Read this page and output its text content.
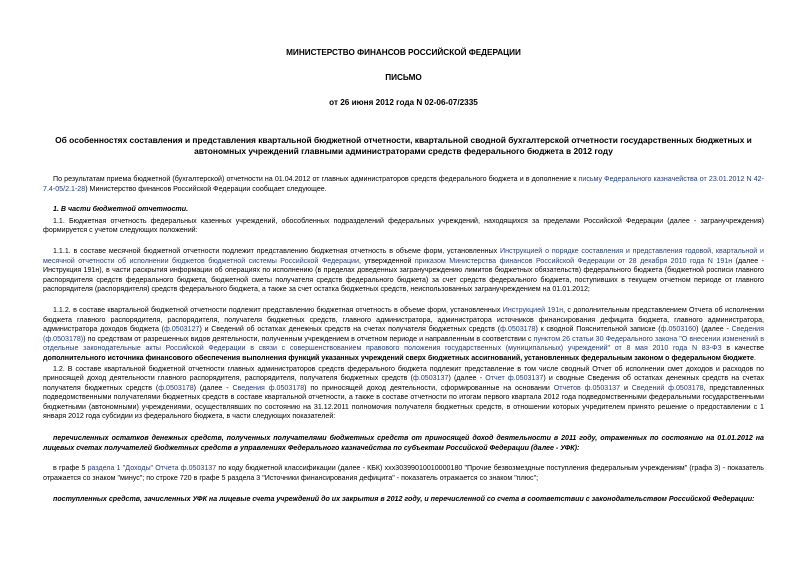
МИНИСТЕРСТВО ФИНАНСОВ РОССИЙСКОЙ ФЕДЕРАЦИИ
ПИСЬМО
от 26 июня 2012 года N 02-06-07/2335
Об особенностях составления и представления квартальной бюджетной отчетности, квартальной сводной бухгалтерской отчетности государственных бюджетных и автономных учреждений главными администраторами средств федерального бюджета в 2012 году

По результатам приема бюджетной (бухгалтерской) отчетности на 01.04.2012 от главных администраторов средств федерального бюджета и в дополнение к письму Федерального казначейства от 23.01.2012 N 42-7.4-05/2.1-28) Министерство финансов Российской Федерации сообщает следующее.

1. В части бюджетной отчетности.

1.1. Бюджетная отчетность федеральных казенных учреждений, обособленных подразделений федеральных учреждений, находящихся за пределами Российской Федерации (далее - загранучреждения) формируется с учетом следующих положений:

1.1.1. в составе месячной бюджетной отчетности подлежит представлению бюджетная отчетность в объеме форм, установленных Инструкцией о порядке составления и представления годовой, квартальной и месячной отчетности об исполнении бюджетов бюджетной системы Российской Федерации, утвержденной приказом Министерства финансов Российской Федерации от 28 декабря 2010 года N 191н (далее - Инструкция 191н), в части раскрытия информации об операциях по исполнению (в пределах доведенных загранучреждению лимитов бюджетных обязательств) федерального бюджета (бюджетной росписи главного распорядителя средств федерального бюджета, бюджетной сметы получателя средств федерального бюджета) за счет средств федерального бюджета, поступивших в текущем отчетном периоде от главного распорядителя (распорядителя) средств федерального бюджета, а также за счет остатка бюджетных средств, неиспользованных загранучреждением на 01.01.2012;

1.1.2. в составе квартальной бюджетной отчетности подлежит представлению бюджетная отчетность в объеме форм, установленных Инструкцией 191н, с дополнительным представлением Отчета об исполнении бюджета главного распорядителя, распорядителя, получателя бюджетных средств, главного администратора, администратора источников финансирования дефицита бюджета, главного администратора, администратора доходов бюджета (ф.0503127) и Сведений об остатках денежных средств на счетах получателя бюджетных средств (ф.0503178) к сводной Пояснительной записке (ф.0503160) (далее - Сведения (ф.0503178)) по средствам от разрешенных видов деятельности, полученным учреждением в отчетном периоде и направленным в соответствии с пунктом 26 статьи 30 Федерального закона "О внесении изменений в отдельные законодательные акты Российской Федерации в связи с совершенствованием правового положения государственных (муниципальных) учреждений" от 8 мая 2010 года N 83-ФЗ в качестве дополнительного источника финансового обеспечения выполнения функций указанных учреждений сверх бюджетных ассигнований, установленных федеральным законом о федеральном бюджете.

1.2. В составе квартальной бюджетной отчетности главных администраторов средств федерального бюджета подлежит представление в том числе сводный Отчет об исполнении смет доходов и расходов по приносящей доход деятельности главного распорядителя, распорядителя, получателя бюджетных средств (ф.0503137) (далее - Отчет ф.0503137) и сводные Сведения об остатках денежных средств на счетах получателя бюджетных средств (ф.0503178) (далее - Сведения ф.0503178) по приносящей доход деятельности, сформированные на основании Отчетов ф.0503137 и Сведений ф.0503178, представленных подведомственными получателями бюджетных средств в составе квартальной отчетности, а также в составе отчетности по итогам первого квартала 2012 года подведомственными федеральными государственными бюджетными (автономными) учреждениями, осуществлявших по состоянию на 31.12.2011 полномочия получателя бюджетных средств, в отношении которых учредителем принято решение о предоставлении с 1 января 2012 года субсидии из федерального бюджета, в части следующих показателей:

перечисленных остатков денежных средств, полученных получателями бюджетных средств от приносящей доход деятельности в 2011 году, отраженных по состоянию на 01.01.2012 на лицевых счетах получателей бюджетных средств в управлениях Федерального казначейства по субъектам Российской Федерации (далее - УФК):

в графе 5 раздела 1 "Доходы" Отчета ф.0503137 по коду бюджетной классификации (далее - КБК) ххх30399010010000180 "Прочие безвозмездные поступления федеральным учреждениям" (графа 3) - показатель отражается со знаком "минус"; по строке 720 в графе 5 раздела 3 "Источники финансирования дефицита" - показатель отражается со знаком "плюс";

поступленных средств, зачисленных УФК на лицевые счета учреждений до их закрытия в 2012 году, и перечисленной со счета в соответствии с законодательством Российской Федерации:
